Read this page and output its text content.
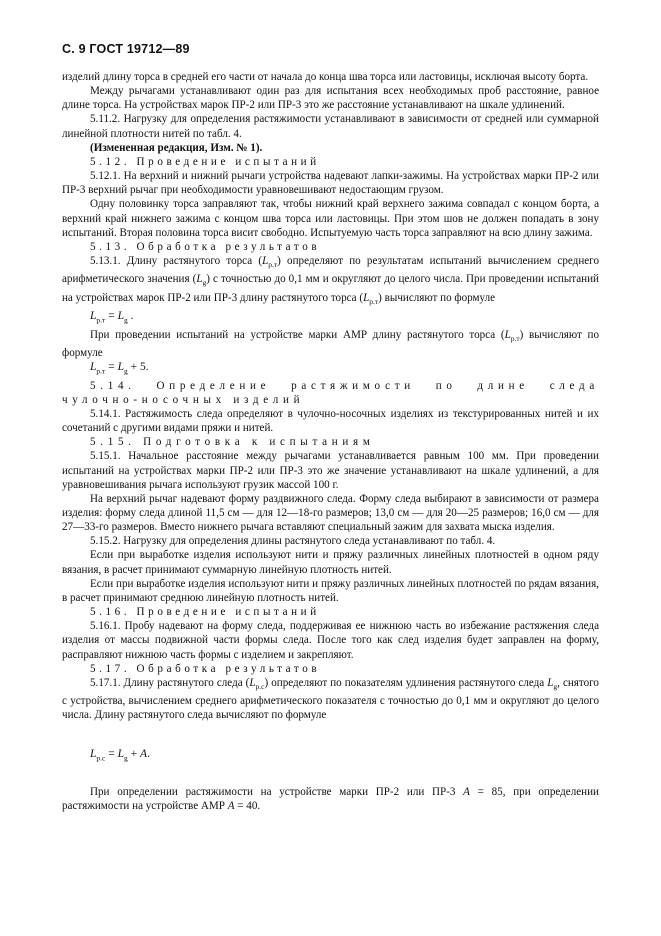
С. 9 ГОСТ 19712—89

изделий длину торса в средней его части от начала до конца шва торса или ластовицы, исключая высоту борта.

Между рычагами устанавливают один раз для испытания всех необходимых проб расстояние, равное длине торса. На устройствах марок ПР-2 или ПР-3 это же расстояние устанавливают на шкале удлинений.

5.11.2. Нагрузку для определения растяжимости устанавливают в зависимости от средней или суммарной линейной плотности нитей по табл. 4.

(Измененная редакция, Изм. № 1).

5.12. Проведение испытаний

5.12.1. На верхний и нижний рычаги устройства надевают лапки-зажимы. На устройствах марки ПР-2 или ПР-3 верхний рычаг при необходимости уравновешивают недостающим грузом.

Одну половинку торса заправляют так, чтобы нижний край верхнего зажима совпадал с концом борта, а верхний край нижнего зажима с концом шва торса или ластовицы. При этом шов не должен попадать в зону испытаний. Вторая половина торса висит свободно. Испытуемую часть торса заправляют на всю длину зажима.

5.13. Обработка результатов

5.13.1. Длину растянутого торса $(L_{р.т})$ определяют по результатам испытаний вычислением среднего арифметического значения $(L_g)$ с точностью до 0,1 мм и округляют до целого числа. При проведении испытаний на устройствах марок ПР-2 или ПР-3 длину растянутого торса $(L_{р.т})$ вычисляют по формуле

$L_{р.т} = L_g$ .

При проведении испытаний на устройстве марки АМР длину растянутого торса $(L_{р.т})$ вычисляют по формуле

$L_{р.т} = L_g + 5$.

5.14. Определение растяжимости по длине следа чулочно-носочных изделий

5.14.1. Растяжимость следа определяют в чулочно-носочных изделиях из текстурированных нитей и их сочетаний с другими видами пряжи и нитей.

5.15. Подготовка к испытаниям

5.15.1. Начальное расстояние между рычагами устанавливается равным 100 мм. При проведении испытаний на устройствах марки ПР-2 или ПР-3 это же значение устанавливают на шкале удлинений, а для уравновешивания рычага используют грузик массой 100 г.

На верхний рычаг надевают форму раздвижного следа. Форму следа выбирают в зависимости от размера изделия: форму следа длиной 11,5 см — для 12—18-го размеров; 13,0 см — для 20—25 размеров; 16,0 см — для 27—33-го размеров. Вместо нижнего рычага вставляют специальный зажим для захвата мыска изделия.

5.15.2. Нагрузку для определения длины растянутого следа устанавливают по табл. 4.

Если при выработке изделия используют нити и пряжу различных линейных плотностей в одном ряду вязания, в расчет принимают суммарную линейную плотность нитей.

Если при выработке изделия используют нити и пряжу различных линейных плотностей по рядам вязания, в расчет принимают среднюю линейную плотность нитей.

5.16. Проведение испытаний

5.16.1. Пробу надевают на форму следа, поддерживая ее нижнюю часть во избежание растяжения следа изделия от массы подвижной части формы следа. После того как след изделия будет заправлен на форму, расправляют нижнюю часть формы с изделием и закрепляют.

5.17. Обработка результатов

5.17.1. Длину растянутого следа $(L_{р.с})$ определяют по показателям удлинения растянутого следа $L_g$, снятого с устройства, вычислением среднего арифметического показателя с точностью до 0,1 мм и округляют до целого числа. Длину растянутого следа вычисляют по формуле

$L_{р.с} = L_g + A$.

При определении растяжимости на устройстве марки ПР-2 или ПР-3 A = 85, при определении растяжимости на устройстве АМР A = 40.
